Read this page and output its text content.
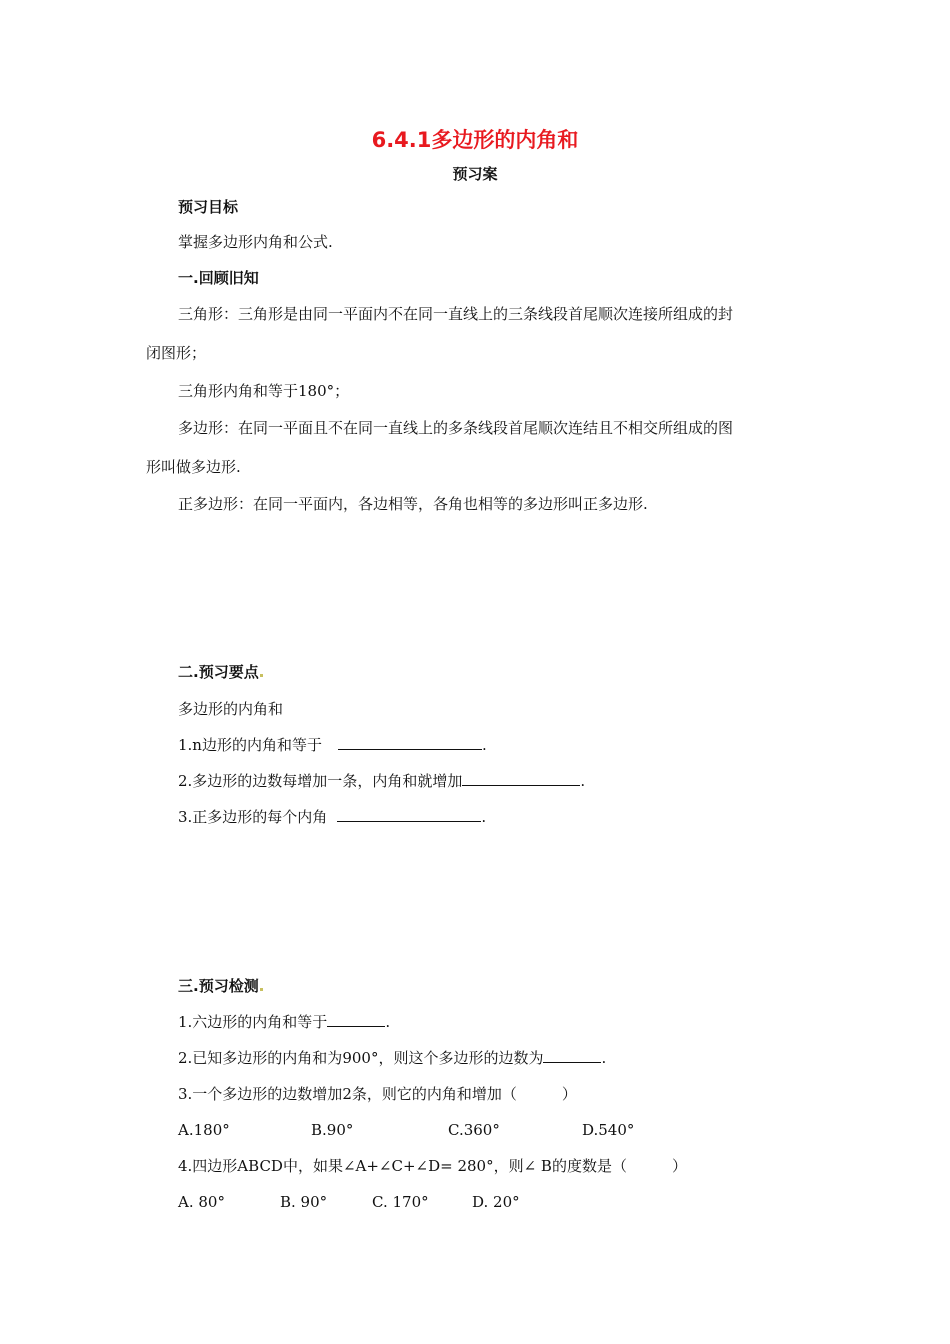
6.4.1多边形的内角和
预习案
预习目标
掌握多边形内角和公式.
一.回顾旧知
三角形：三角形是由同一平面内不在同一直线上的三条线段首尾顺次连接所组成的封
闭图形；
三角形内角和等于180°；
多边形：在同一平面且不在同一直线上的多条线段首尾顺次连结且不相交所组成的图
形叫做多边形.
正多边形：在同一平面内，各边相等，各角也相等的多边形叫正多边形.
二.预习要点
多边形的内角和
1.n边形的内角和等于	.
2.多边形的边数每增加一条，内角和就增加	.
3.正多边形的每个内角	.
三.预习检测
1.六边形的内角和等于	.
2.已知多边形的内角和为900°，则这个多边形的边数为	.
3.一个多边形的边数增加2条，则它的内角和增加（　　　）
A.180°	B.90°	C.360°	D.540°
4.四边形ABCD中，如果∠A+∠C+∠D= 280°，则∠ B的度数是（　　　）
A. 80°	B. 90°	C. 170°	D. 20°
